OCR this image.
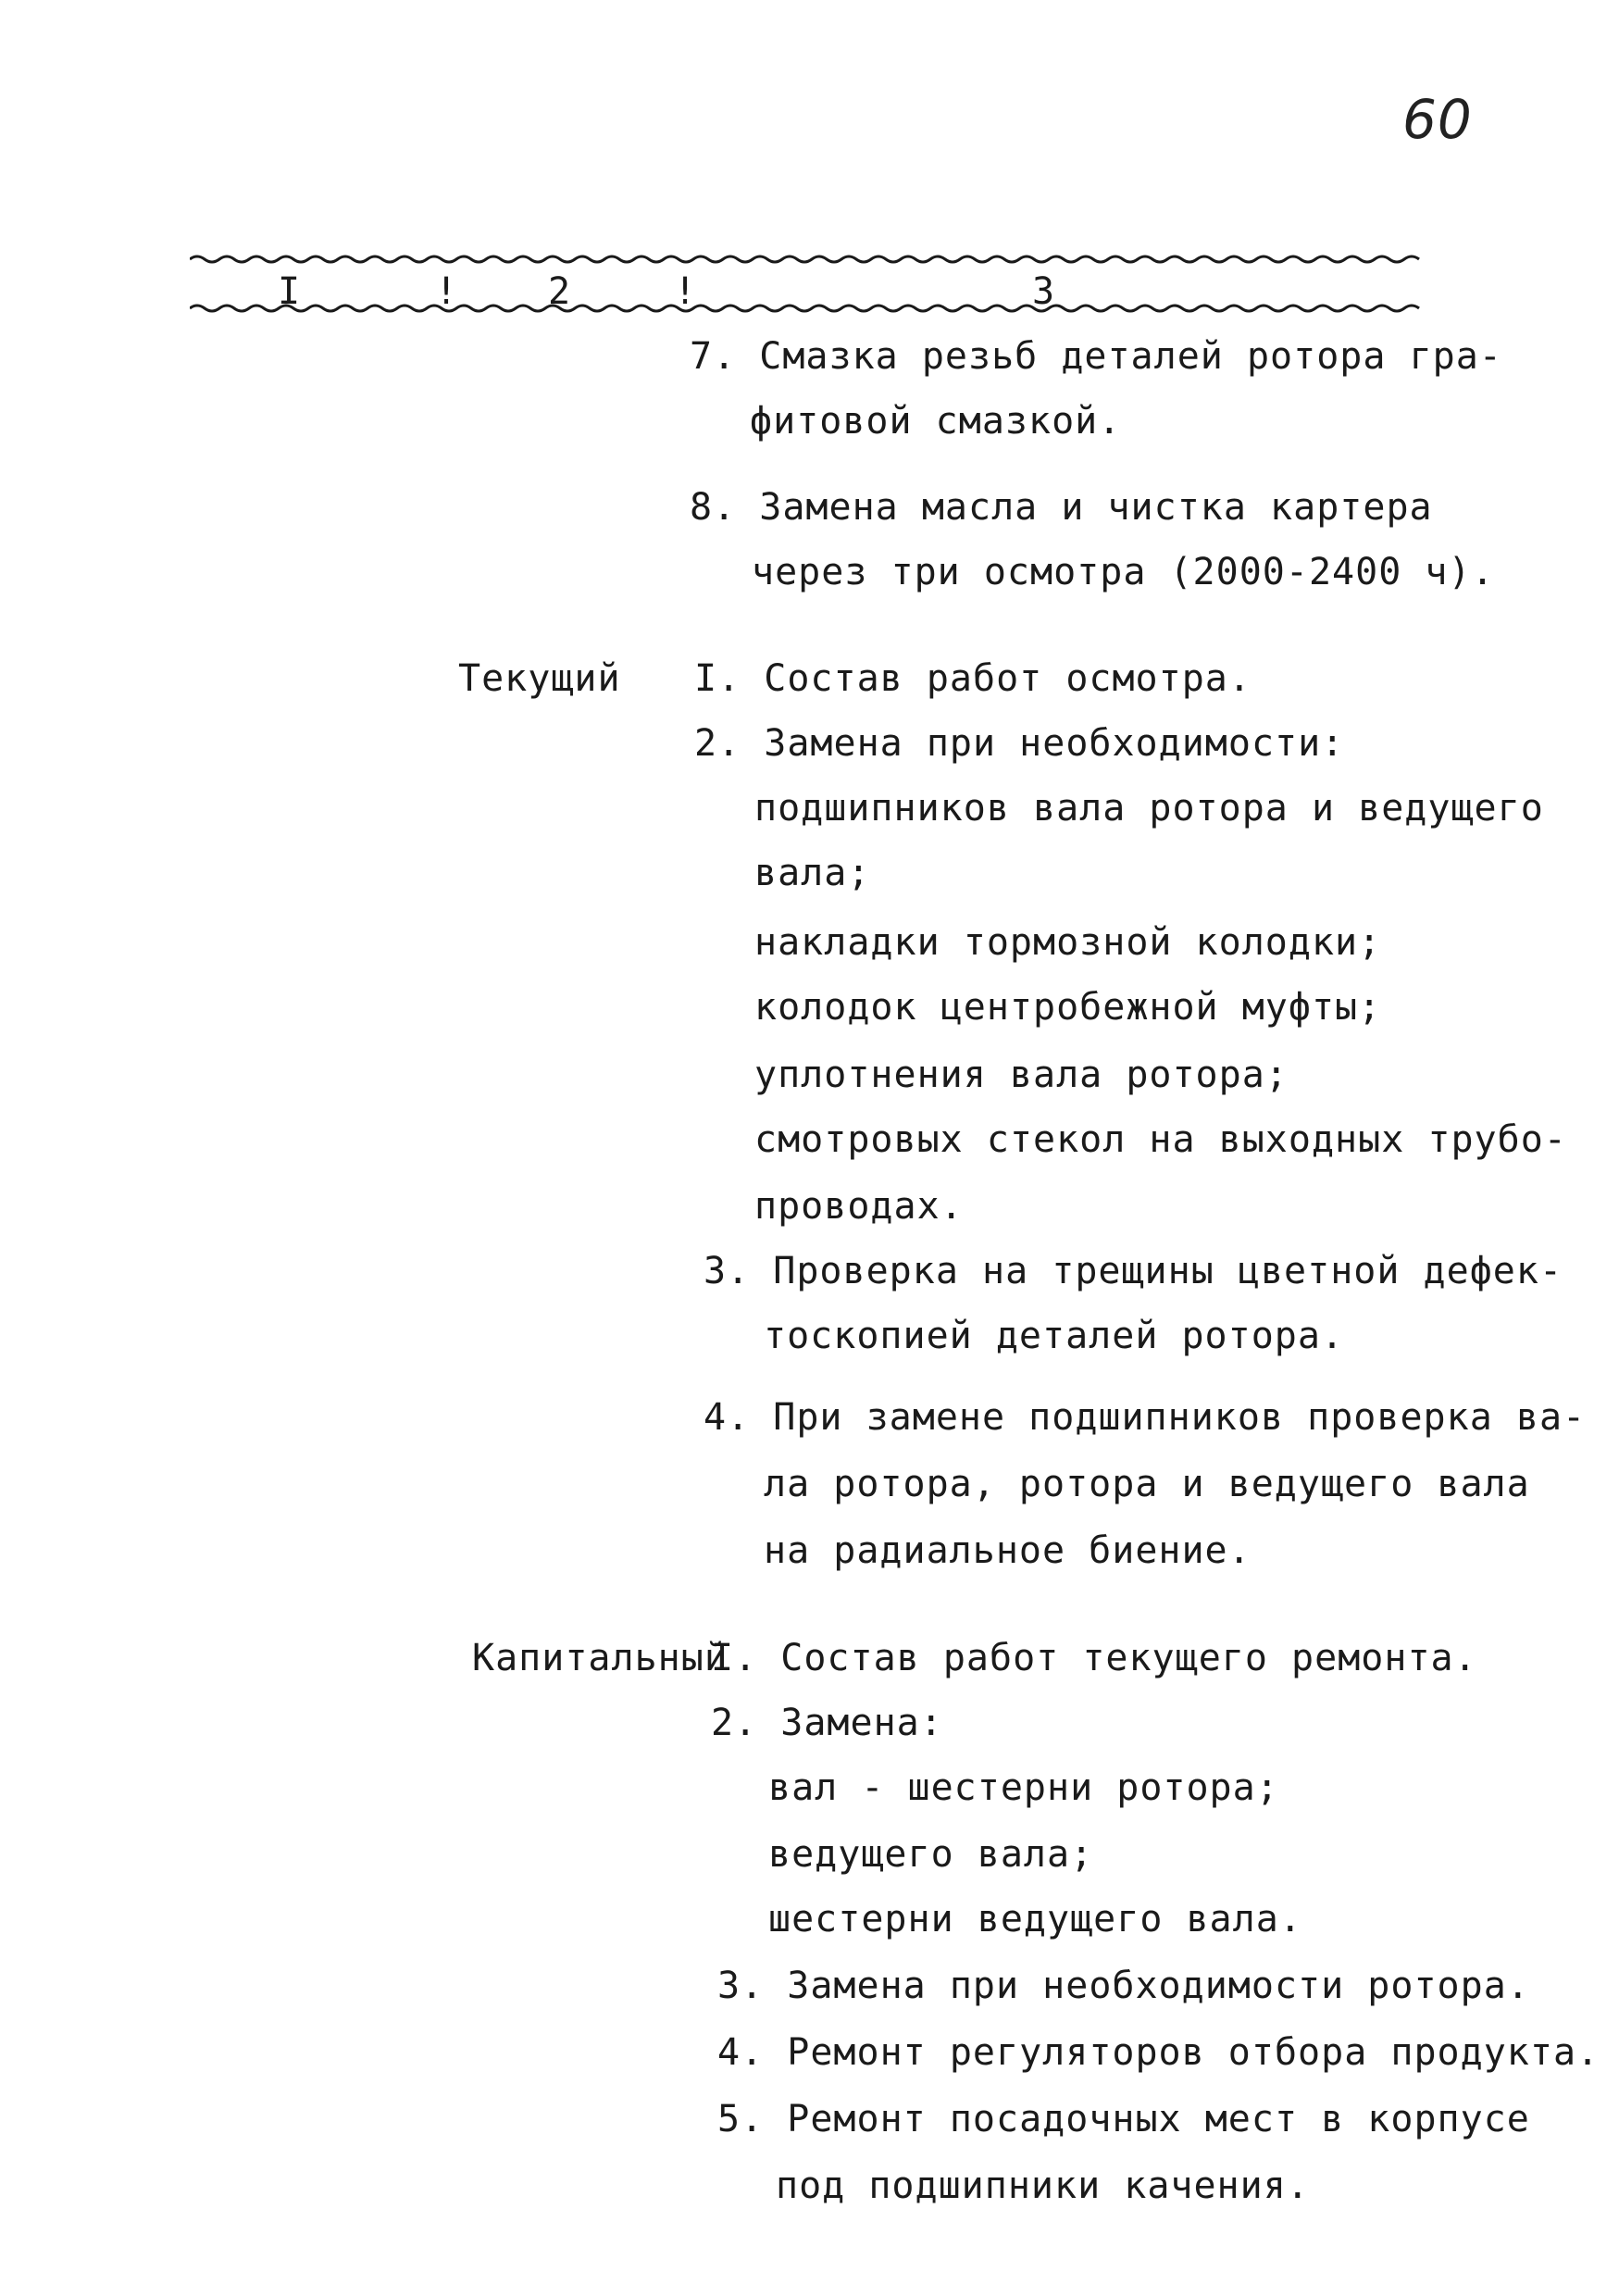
60
I	! 2	!	3
7. Смазка резьб деталей ротора гра-
фитовой смазкой.
8. Замена масла и чистка картера
через три осмотра (2000-2400 ч).
Текущий I. Состав работ осмотра.
2. Замена при необходимости:
подшипников вала ротора и ведущего
вала;
накладки тормозной колодки;
колодок центробежной муфты;
уплотнения вала ротора;
смотровых стекол на выходных трубо-
проводах.
3. Проверка на трещины цветной дефек-
тоскопией деталей ротора.
4. При замене подшипников проверка ва-
ла ротора, ротора и ведущего вала
на радиальное биение.
Капитальный
I. Состав работ текущего ремонта.
2. Замена:
вал - шестерни ротора;
ведущего вала;
шестерни ведущего вала.
3. Замена при необходимости ротора.
4. Ремонт регуляторов отбора продукта.
5. Ремонт посадочных мест в корпусе
под подшипники качения.
